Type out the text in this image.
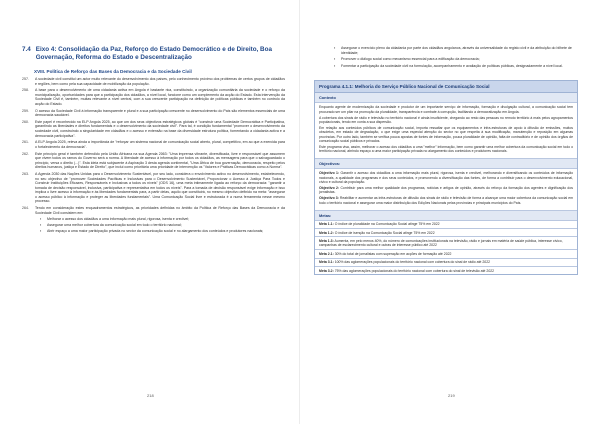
7.4 Eixo 4: Consolidação da Paz, Reforço do Estado Democrático e de Direito, Boa Governação, Reforma do Estado e Descentralização
XVIII. Política de Reforço das Bases da Democracia e da Sociedade Civil
257.	A sociedade civil constitui um actor muito relevante do desenvolvimento dos países, pelo conhecimento próximo dos problemas de certos grupos de cidadãos e regiões, bem como pela sua capacidade de mobilização da população.
258.	A base para o desenvolvimento de uma cidadania activa em Angola é bastante rica, constituindo, a organização comunitária da sociedade e o reforço da municipalização, oportunidades para que a participação dos cidadãos, a nível local, funcione como um complemento da acção do Estado. Esta intervenção da Sociedade Civil é, também, muitas relevante a nível central, com a sua crescente participação na definição de políticas públicas e também no controlo da acção do Estado.
259.	O acesso da Sociedade Civil à informação transparente e plural e a sua participação crescente no desenvolvimento do País são elementos essenciais de uma democracia saudável.
260.	Este papel é reconhecido na ELP Angola 2025, ao que um dos seus objectivos estratégicos globais é "construir uma Sociedade Democrática e Participativa, garantindo as liberdades e direitos fundamentais e o desenvolvimento da sociedade civil". Para tal, é condição fundamental "promover o desenvolvimento da sociedade civil, construindo a singularidade em cidadãos e o acesso e extensão na base da diversidade estrutura política, fomentando a cidadania activa e a democracia participativa".
261.	A ELP Angola 2025, releva ainda a importância de "reforçar um sistema nacional de comunicação social aberto, plural, competitivo, em ao que a exercida para o fortalecimento da democracia".
262.	Este princípio geral é também defendido pela União Africana na sua Agenda 2063: "Uma imprensa vibrante, diversificada, livre e responsável que assumem que vivem todos os ramos do Governo será a norma. A liberdade de acesso à informação por todos os cidadãos, as mensagens para que o salvaguardado o princípio, versa o direito (...)". Esta ideia está subjacente à Aspiração 3 desta agenda continental, "Uma África de boa governação, democracia, respeito pelos direitos humanos, justiça e Estado de Direito", que inclui como prioritária uma prioridade de intervenção os "Valores e Práticas Democráticas como a Norma".
263.	A Agenda 2030 das Nações Unidas para o Desenvolvimento Sustentável, por seu lado, considera o envolvimento activo no desenvolvimento, estabelecendo, no seu objectivo de "promover Sociedades Pacíficas e Inclusivas para o Desenvolvimento Sustentável, Proporcionar o Acesso à Justiça Para Todos e Construir Instituições Eficazes, Responsáveis e Inclusivas a todos os níveis" (ODS 16), uma meta intimamente ligada ao reforço da democracia: "garantir a tomada de decisão responsável, inclusiva, participativa e representativa em todos os níveis". Para a tomada de decisão responsável exige informação e isso implica o livre acesso à informação e às liberdades fundamentais para, a partir delas, aquilo que constituirá, no mesmo objectivo definido na meta: "assegurar o acesso público à informação e proteger as liberdades fundamentais". Uma Comunicação Social livre e estruturada é a numa ferramenta nesse mesmo processo.
264.	Tendo em consideração estes enquadramentos estratégicos, as prioridades definidas no âmbito da Política de Reforço das Bases da Democracia e da Sociedade Civil consistem em:
▪	Melhorar o acesso dos cidadãos a uma informação mais plural, rigorosa, isenta e credível;
▪	Assegurar uma melhor cobertura da comunicação social em todo o território nacional;
▪	Abrir espaço a uma maior participação privada no sector da comunicação social e no alargamento dos conteúdos e produtores nacionais;
218
▪	Assegurar o exercício pleno da cidadania por parte dos cidadãos angolanos, através da universalidade do registo civil e da atribuição do bilhete de identidade;
▪	Promover o diálogo social como mecanismo essencial para a edificação da democracia;
▪	Fomentar a participação da sociedade civil na formulação, acompanhamento e avaliação de políticas públicas, designadamente a nível local.
Programa 4.1.1: Melhoria do Serviço Público Nacional de Comunicação Social
Contexto

Enquanto agente de modernização da sociedade e produtor de um importante serviço de informação, formação e divulgação cultural, a comunicação social tem procurado ser um pilar na promoção da pluralidade, transparência e combate à corrupção, facilitando a democratização em Angola.

A cobertura dos sinais de rádio e televisão no território nacional é ainda insuficiente, chegando ao resto das pessoas no remoto território à mais pelos agrupamentos populacionais, tendo em conta a sua dispersão.

Em relação aos conteúdos públicos de comunicação social, importa ressaltar que os equipamentos e infra-estruturas de apoio à difusão de emissões, muitos obsoletos, em estado de degradação, o que exige uma especial atenção do sector no que respeita à sua modificação, manutenção e reposição em algumas províncias. Por outro lado, também se verifica pouca apostas de fontes de informação, pouca pluralidade de opinião, falta de contraditório e de opinião dos órgãos de comunicação social públicos e privados.

Este programa visa, assim, melhorar o acesso dos cidadãos a uma "melhor" informação, bem como garantir uma melhor cobertura da comunicação social em todo o território nacional, abrindo espaço a uma maior participação privada no alargamento dos conteúdos e produtores nacionais.

Objectivos:

Objectivo 1: Garantir o acesso dos cidadãos a uma informação mais plural, rigorosa, isenta e credível, melhorando e diversificando os conteúdos de informação nacionais, a qualidade dos programas e dos seus conteúdos, e promovendo a diversificação das fontes, de forma a contribuir para o desenvolvimento educacional, cívico e cultural da população.

Objectivo 2: Contribuir para uma melhor qualidade dos programas, notícias e artigos de opinião, através do reforço da formação dos agentes e dignificação dos jornalistas.

Objectivo 3: Reabilitar e aumentar as infra-estruturas de difusão dos sinais de rádio e televisão de forma a alcançar uma maior cobertura da comunicação social em todo o território nacional e assegurar uma maior distribuição dos Edições Nacionais pelas províncias e principais municípios do País.

Metas:
Meta 1.1: O índice de pluralidade na Comunicação Social atinge 75% em 2022
Meta 1.2: O índice de isenção na Comunicação Social atinge 75% em 2022
Meta 1.3: Aumenta, em pelo menos 40%, do número de comunicações institucionais na televisão, rádio e jornais em matéria de saúde pública, interesse cívico, campanhas de esclarecimento cultural e outras de interesse público até 2022
Meta 2.1: 30% do total de jornalistas com superação em acções de formação até 2022
Meta 3.1: 100% das aglomerações populacionais do território nacional com cobertura do sinal de rádio até 2022
Meta 3.2: 75% das aglomerações populacionais do território nacional com cobertura do sinal de televisão até 2022
219
